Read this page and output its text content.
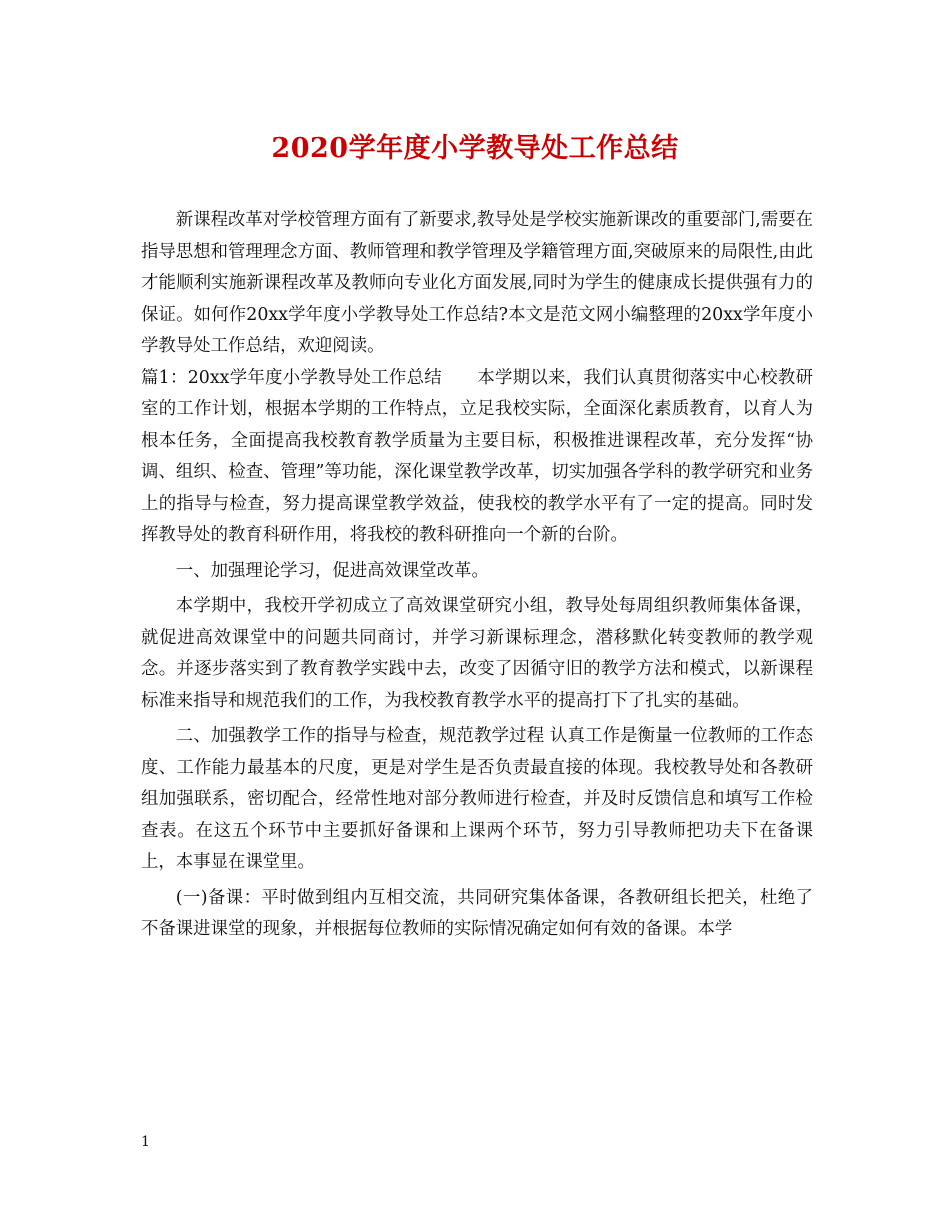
2020学年度小学教导处工作总结

新课程改革对学校管理方面有了新要求,教导处是学校实施新课改的重要部门,需要在指导思想和管理理念方面、教师管理和教学管理及学籍管理方面,突破原来的局限性,由此才能顺利实施新课程改革及教师向专业化方面发展,同时为学生的健康成长提供强有力的保证。如何作20xx学年度小学教导处工作总结?本文是范文网小编整理的20xx学年度小学教导处工作总结，欢迎阅读。

篇1：20xx学年度小学教导处工作总结　　本学期以来，我们认真贯彻落实中心校教研室的工作计划，根据本学期的工作特点，立足我校实际，全面深化素质教育，以育人为根本任务，全面提高我校教育教学质量为主要目标，积极推进课程改革，充分发挥“协调、组织、检查、管理”等功能，深化课堂教学改革，切实加强各学科的教学研究和业务上的指导与检查，努力提高课堂教学效益，使我校的教学水平有了一定的提高。同时发挥教导处的教育科研作用，将我校的教科研推向一个新的台阶。

一、加强理论学习，促进高效课堂改革。

本学期中，我校开学初成立了高效课堂研究小组，教导处每周组织教师集体备课，就促进高效课堂中的问题共同商讨，并学习新课标理念，潜移默化转变教师的教学观念。并逐步落实到了教育教学实践中去，改变了因循守旧的教学方法和模式，以新课程标准来指导和规范我们的工作，为我校教育教学水平的提高打下了扎实的基础。

二、加强教学工作的指导与检查，规范教学过程 认真工作是衡量一位教师的工作态度、工作能力最基本的尺度，更是对学生是否负责最直接的体现。我校教导处和各教研组加强联系，密切配合，经常性地对部分教师进行检查，并及时反馈信息和填写工作检查表。在这五个环节中主要抓好备课和上课两个环节，努力引导教师把功夫下在备课上，本事显在课堂里。

(一)备课：平时做到组内互相交流，共同研究集体备课，各教研组长把关，杜绝了不备课进课堂的现象，并根据每位教师的实际情况确定如何有效的备课。本学

1
